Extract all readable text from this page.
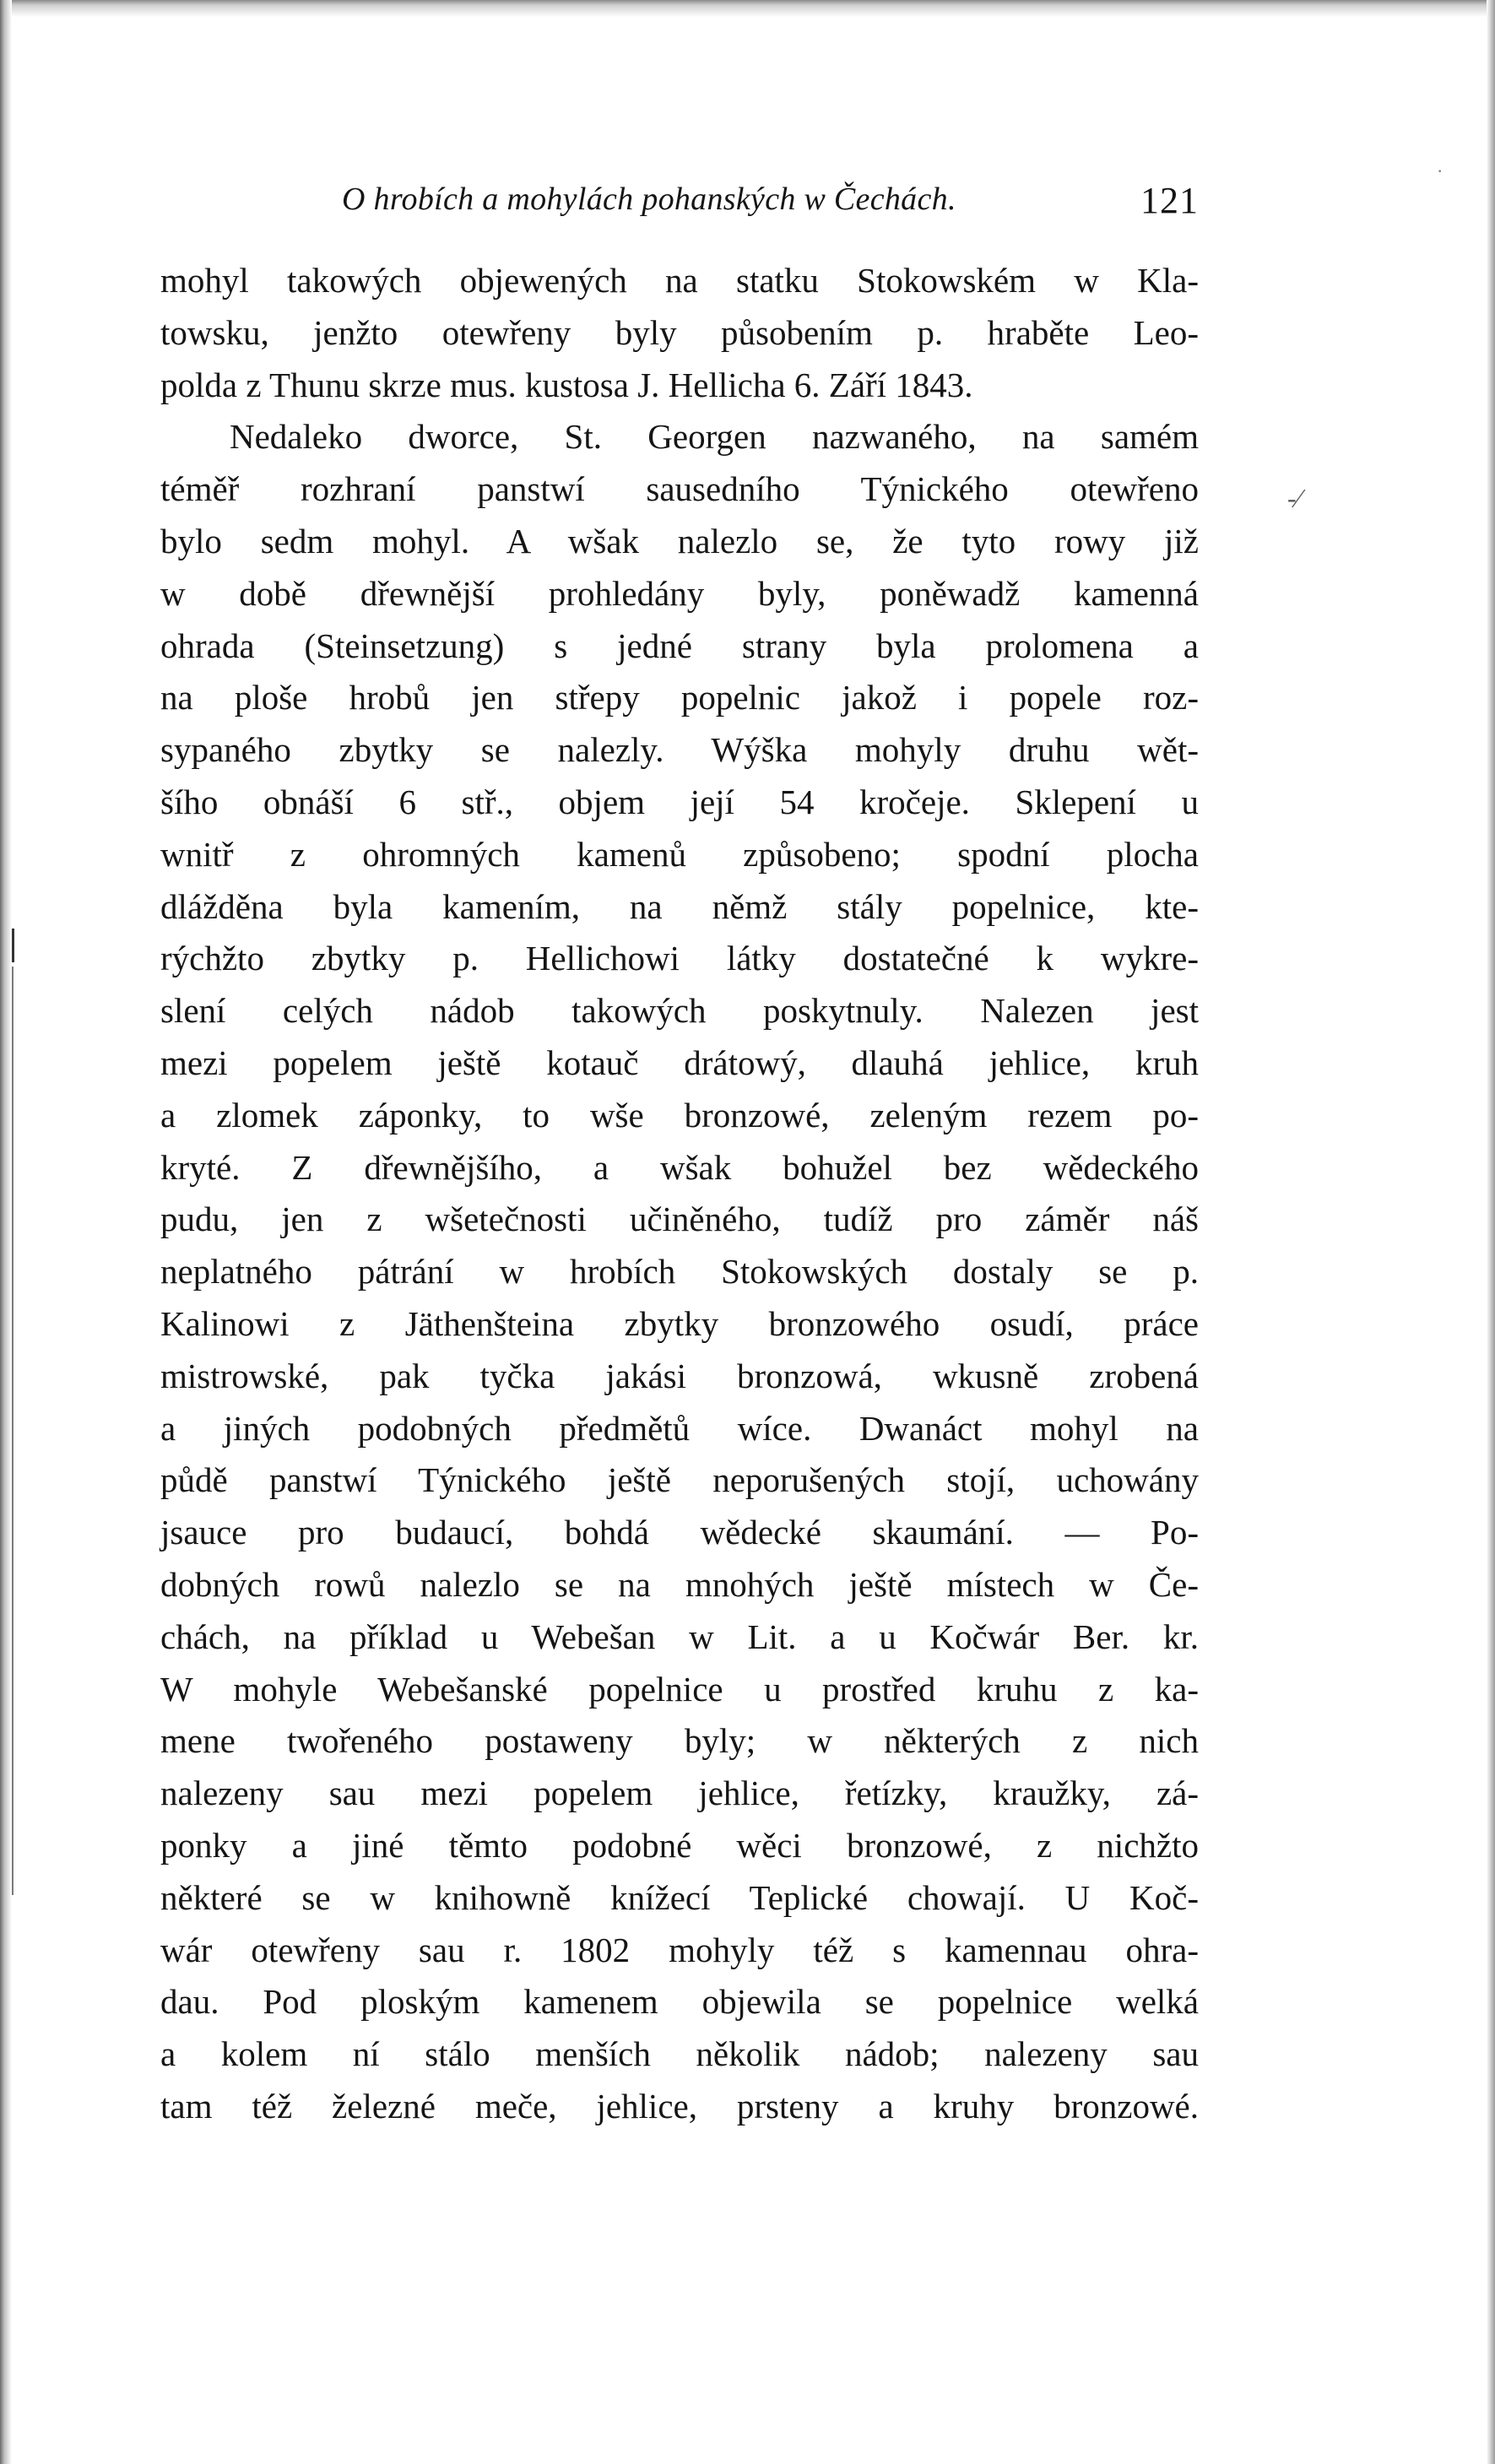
-⁄
·
O hrobích a mohylách pohanských w Čechách.	121
mohyl takowých objewených na statku Stokowském w Kla-
towsku, jenžto otewřeny byly působením p. hraběte Leo-
polda z Thunu skrze mus. kustosa J. Hellicha 6. Září 1843.
Nedaleko dworce, St. Georgen nazwaného, na samém
téměř rozhraní panstwí sausedního Týnického otewřeno
bylo sedm mohyl. A wšak nalezlo se, že tyto rowy již
w době dřewnější prohledány byly, poněwadž kamenná
ohrada (Steinsetzung) s jedné strany byla prolomena a
na ploše hrobů jen střepy popelnic jakož i popele roz-
sypaného zbytky se nalezly. Wýška mohyly druhu wět-
šího obnáší 6 stř., objem její 54 kročeje. Sklepení u
wnitř z ohromných kamenů způsobeno; spodní plocha
dlážděna byla kamením, na němž stály popelnice, kte-
rýchžto zbytky p. Hellichowi látky dostatečné k wykre-
slení celých nádob takowých poskytnuly. Nalezen jest
mezi popelem ještě kotauč drátowý, dlauhá jehlice, kruh
a zlomek záponky, to wše bronzowé, zeleným rezem po-
kryté. Z dřewnějšího, a wšak bohužel bez wědeckého
pudu, jen z wšetečnosti učiněného, tudíž pro záměr náš
neplatného pátrání w hrobích Stokowských dostaly se p.
Kalinowi z Jäthenšteina zbytky bronzowého osudí, práce
mistrowské, pak tyčka jakási bronzowá, wkusně zrobená
a jiných podobných předmětů wíce. Dwanáct mohyl na
půdě panstwí Týnického ještě neporušených stojí, uchowány
jsauce pro budaucí, bohdá wědecké skaumání. — Po-
dobných rowů nalezlo se na mnohých ještě místech w Če-
chách, na příklad u Webešan w Lit. a u Kočwár Ber. kr.
W mohyle Webešanské popelnice u prostřed kruhu z ka-
mene twořeného postaweny byly; w některých z nich
nalezeny sau mezi popelem jehlice, řetízky, kraužky, zá-
ponky a jiné těmto podobné wěci bronzowé, z nichžto
některé se w knihowně knížecí Teplické chowají. U Koč-
wár otewřeny sau r. 1802 mohyly též s kamennau ohra-
dau. Pod ploským kamenem objewila se popelnice welká
a kolem ní stálo menších několik nádob; nalezeny sau
tam též železné meče, jehlice, prsteny a kruhy bronzowé.
